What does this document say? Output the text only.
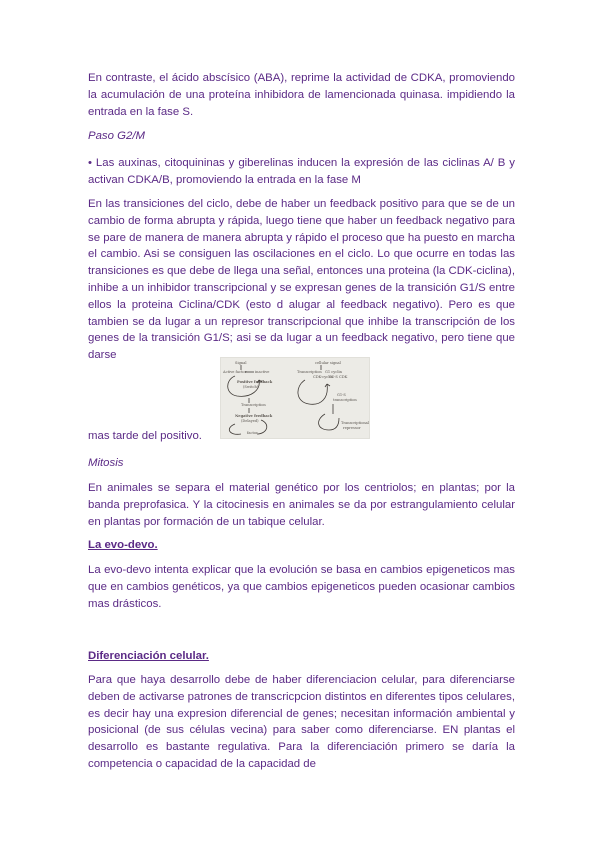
En contraste, el ácido abscísico (ABA), reprime la actividad de CDKA, promoviendo la acumulación de una proteína inhibidora de lamencionada quinasa. impidiendo la entrada en la fase S.

Paso G2/M

• Las auxinas, citoquininas y giberelinas inducen la expresión de las ciclinas A/ B y activan CDKA/B, promoviendo la entrada en la fase M

En las transiciones del ciclo, debe de haber un feedback positivo para que se de un cambio de forma abrupta y rápida, luego tiene que haber un feedback negativo para se pare de manera de manera abrupta y rápido el proceso que ha puesto en marcha el cambio. Asi se consiguen las oscilaciones en el ciclo. Lo que ocurre en todas las transiciones es que debe de llega una señal, entonces una proteina (la CDK-ciclina), inhibe a un inhibidor transcripcional y se expresan genes de la transición G1/S entre ellos la proteina Ciclina/CDK (esto d alugar al feedback negativo). Pero es que tambien se da lugar a un represor transcripcional que inhibe la transcripción de los genes de la transición G1/S; asi se da lugar a un feedback negativo, pero tiene que darse

Signal	cellular signal
Active factor inactive
Positive feedback
(Switch)
Transcription
Negative feedback
(Delayed)
factor
Transcription G1 cyclin
CDK-cyclin
G1-S CDK
G1-S
transcription
Transcriptional
repressor

mas tarde del positivo.

Mitosis

En animales se separa el material genético por los centriolos; en plantas; por la banda preprofasica. Y la citocinesis en animales se da por estrangulamiento celular en plantas por formación de un tabique celular.

La evo-devo.

La evo-devo intenta explicar que la evolución se basa en cambios epigeneticos mas que en cambios genéticos, ya que cambios epigeneticos pueden ocasionar cambios mas drásticos.

Diferenciación celular.

Para que haya desarrollo debe de haber diferenciacion celular, para diferenciarse deben de activarse patrones de transcricpcion distintos en diferentes tipos celulares, es decir hay una expresion diferencial de genes; necesitan información ambiental y posicional (de sus células vecina) para saber como diferenciarse. EN plantas el desarrollo es bastante regulativa. Para la diferenciación primero se daría la competencia o capacidad de la capacidad de
